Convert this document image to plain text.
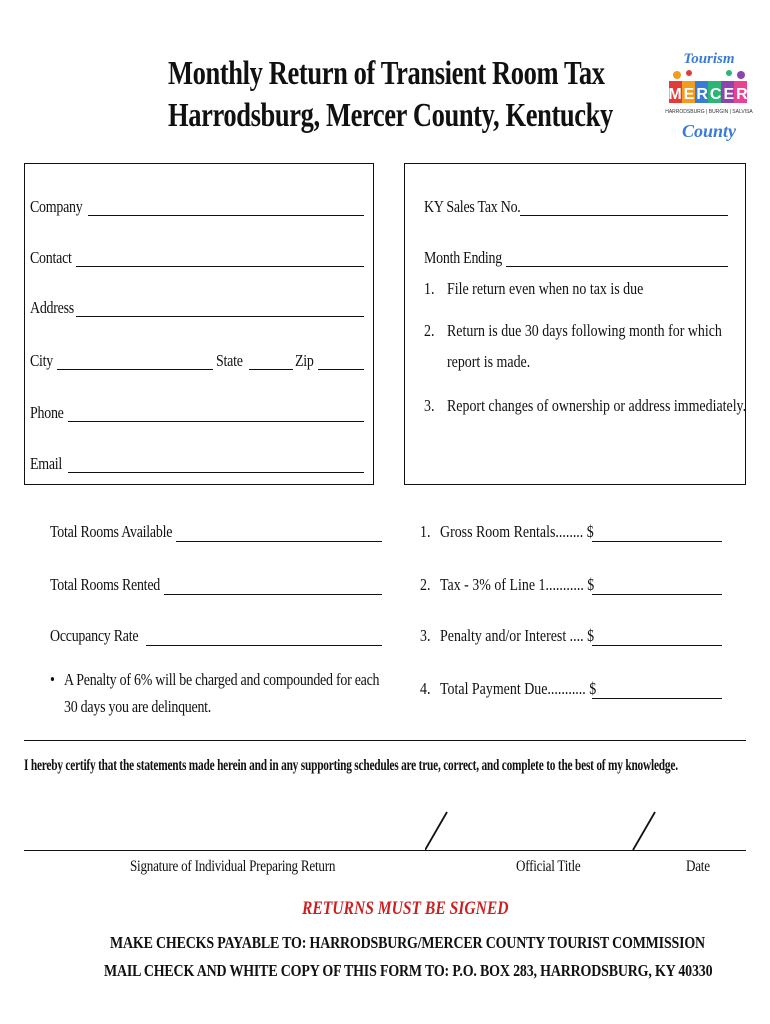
Monthly Return of Transient Room Tax
Harrodsburg, Mercer County, Kentucky
Tourism
MERCER
HARRODSBURG | BURGIN | SALVISA
County
Company
Contact
Address
City	State	Zip
Phone
Email
KY Sales Tax No.
Month Ending
1. File return even when no tax is due
2. Return is due 30 days following month for which
report is made.
3. Report changes of ownership or address immediately.
Total Rooms Available
Total Rooms Rented
Occupancy Rate
• A Penalty of 6% will be charged and compounded for each
30 days you are delinquent.
1. Gross Room Rentals........ $
2. Tax - 3% of Line 1........... $
3. Penalty and/or Interest .... $
4. Total Payment Due........... $
I hereby certify that the statements made herein and in any supporting schedules are true, correct, and complete to the best of my knowledge.
Signature of Individual Preparing Return	Official Title	Date
RETURNS MUST BE SIGNED
MAKE CHECKS PAYABLE TO: HARRODSBURG/MERCER COUNTY TOURIST COMMISSION
MAIL CHECK AND WHITE COPY OF THIS FORM TO: P.O. BOX 283, HARRODSBURG, KY 40330
